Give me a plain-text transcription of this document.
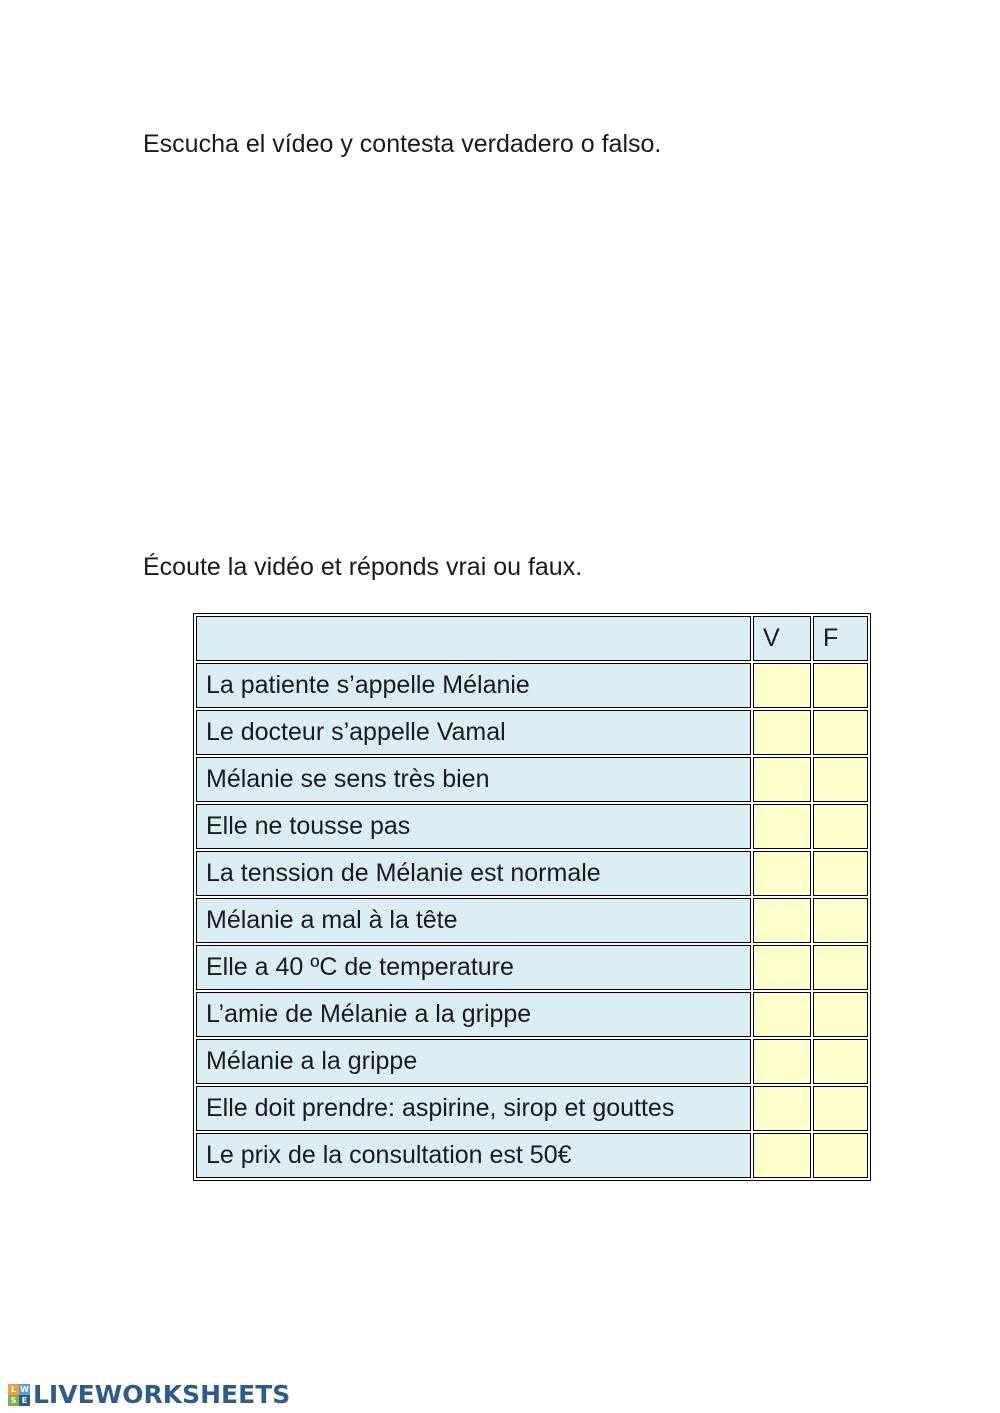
Escucha el vídeo y contesta verdadero o falso.
Écoute la vidéo et réponds vrai ou faux.
	V	F
La patiente s’appelle Mélanie		
Le docteur s’appelle Vamal		
Mélanie se sens très bien		
Elle ne tousse pas		
La tenssion de Mélanie est normale		
Mélanie a mal à la tête		
Elle a 40 ºC de temperature		
L’amie de Mélanie a la grippe		
Mélanie a la grippe		
Elle doit prendre: aspirine, sirop et gouttes		
Le prix de la consultation est 50€		
L W
S E LIVEWORKSHEETS
